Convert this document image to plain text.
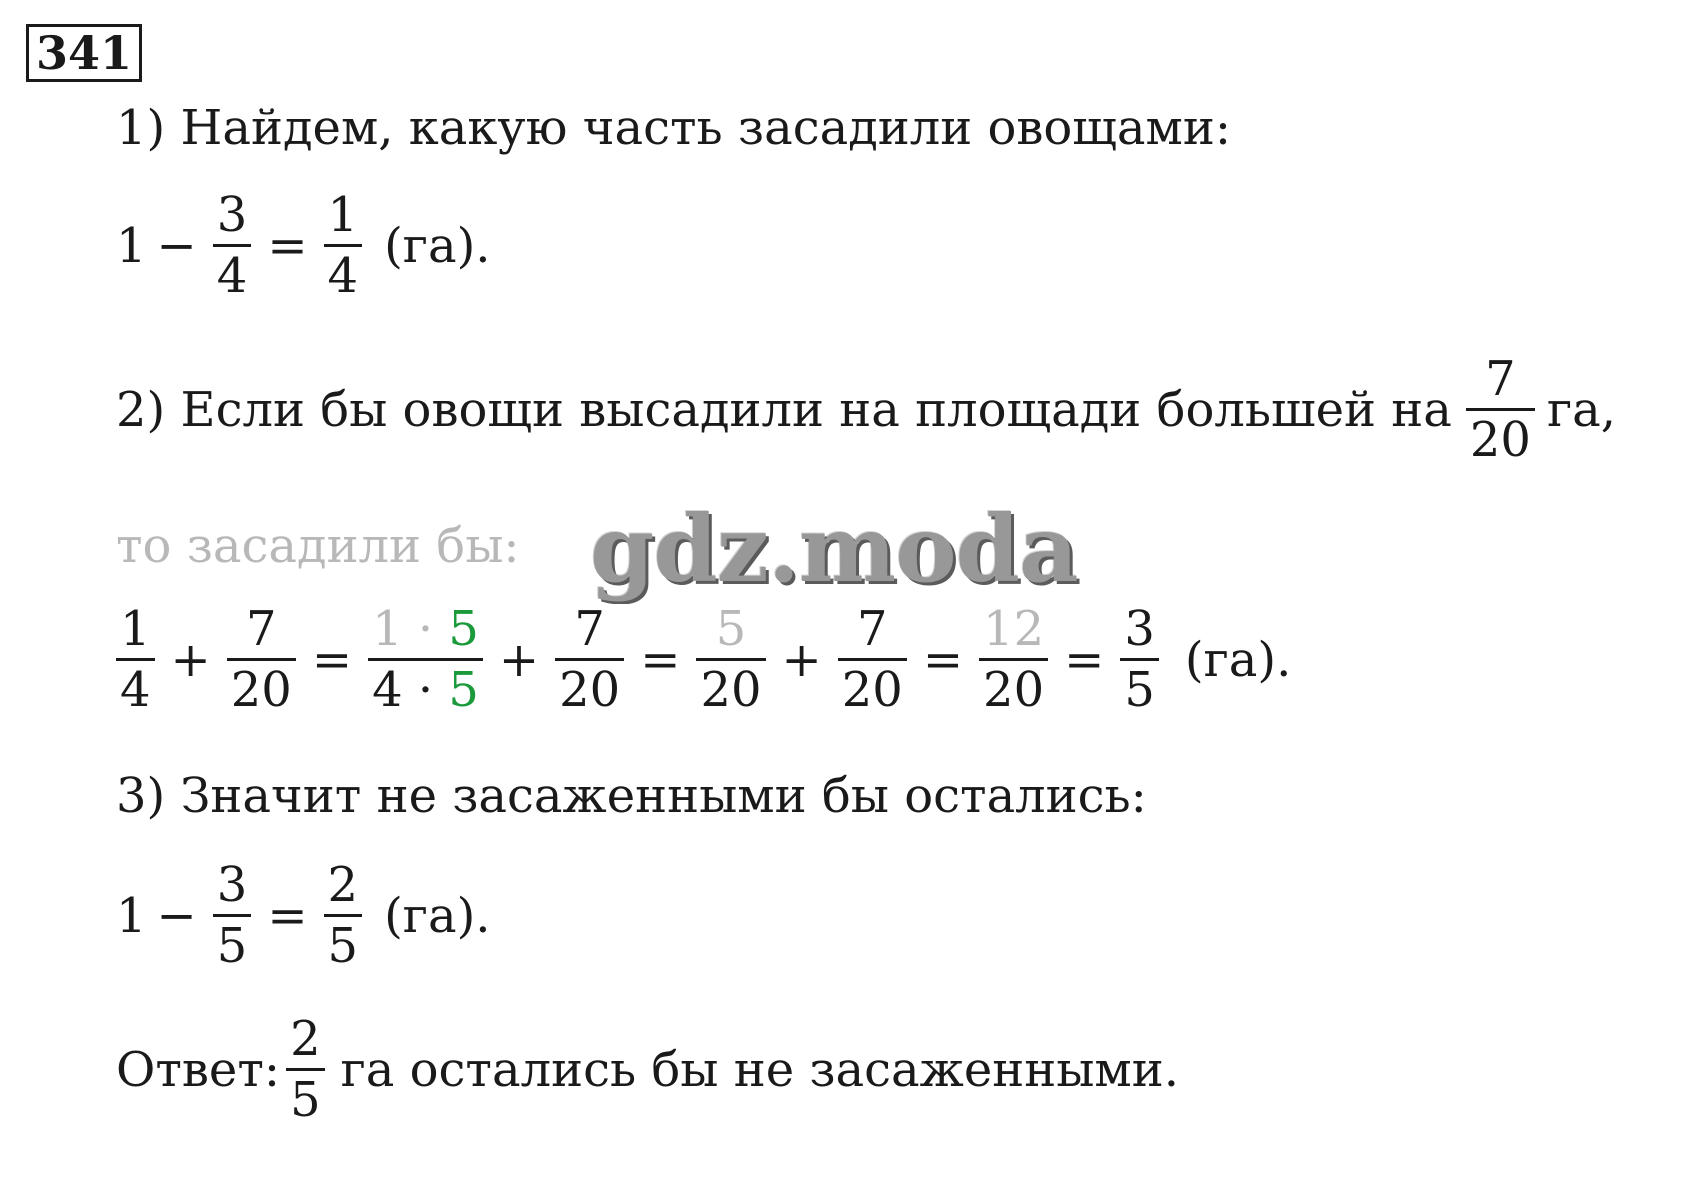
341
1) Найдем, какую часть засадили овощами:
$1 - \frac{3}{4} = \frac{1}{4} (га)$.
2) Если бы овощи высадили на площади большей на $\frac{7}{20}$ га,
то засадили бы:
$\frac{1}{4} + \frac{7}{20} = \frac{1 \cdot 5}{4 \cdot 5} + \frac{7}{20} = \frac{5}{20} + \frac{7}{20} = \frac{12}{20} = \frac{3}{5} (га)$.
3) Значит не засаженными бы остались:
$1 - \frac{3}{5} = \frac{2}{5} (га)$.
Ответ: $\frac{2}{5}$ га остались бы не засаженными.
gdz.moda
